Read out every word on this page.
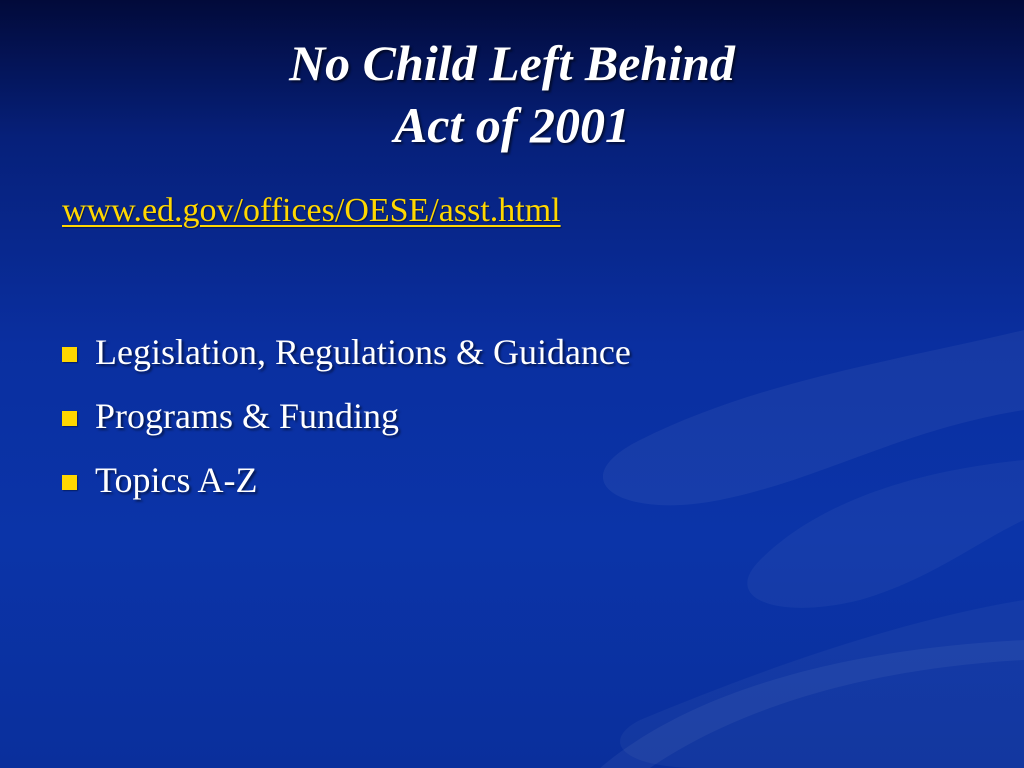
No Child Left Behind
Act of 2001
www.ed.gov/offices/OESE/asst.html
Legislation, Regulations & Guidance
Programs & Funding
Topics A-Z
